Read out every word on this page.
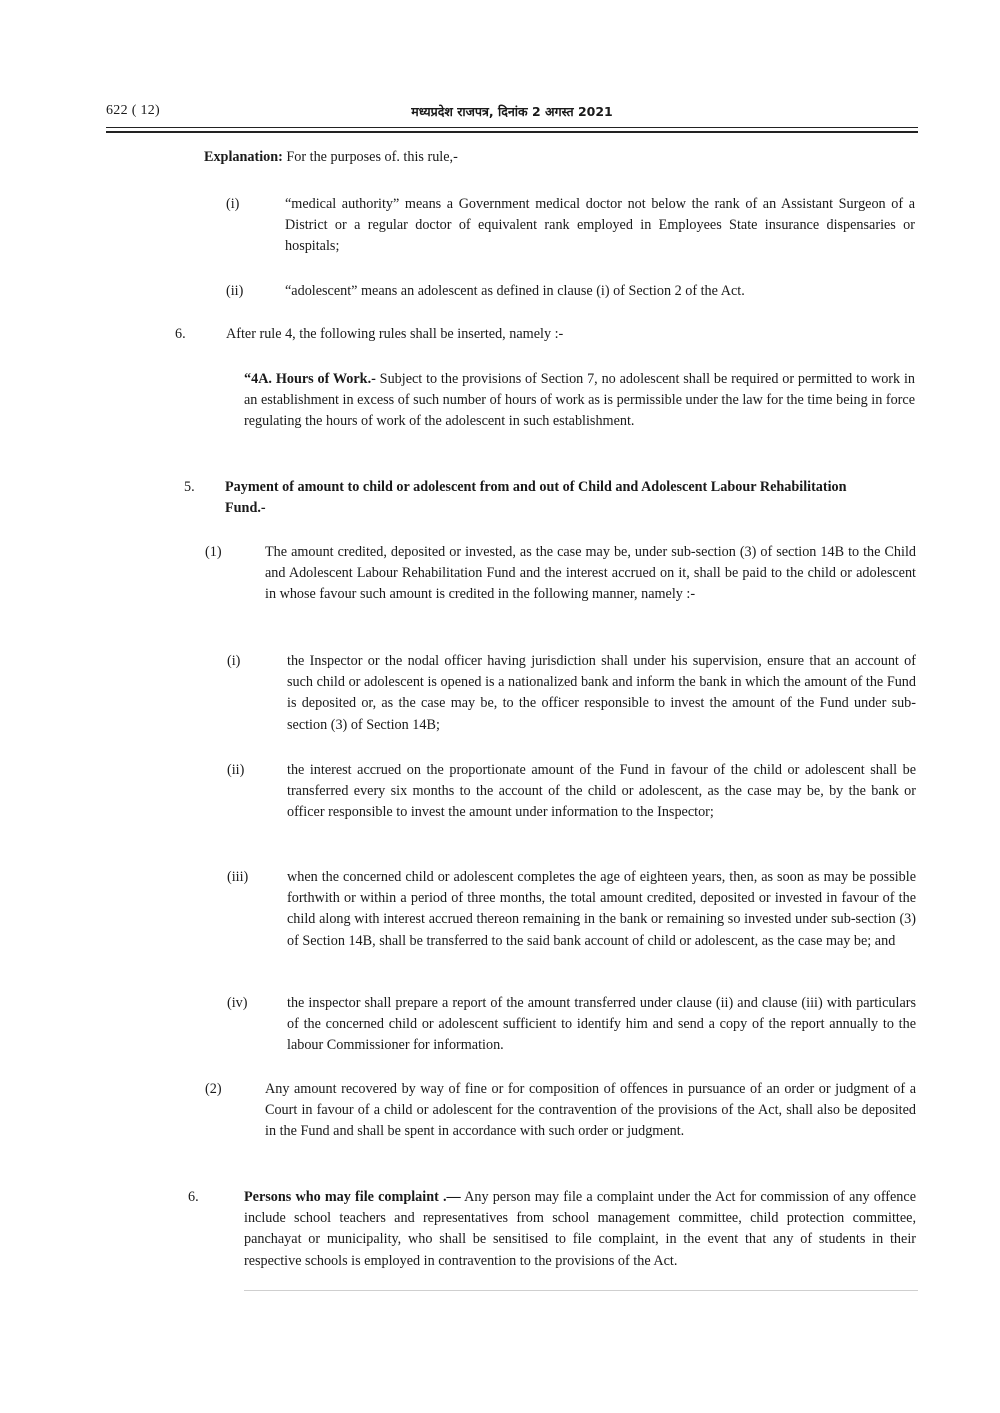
622 ( 12)	मध्यप्रदेश राजपत्र, दिनांक 2 अगस्त 2021
Explanation: For the purposes of. this rule,-
(i)	“medical authority” means a Government medical doctor not below the rank of an Assistant Surgeon of a District or a regular doctor of equivalent rank employed in Employees State insurance dispensaries or hospitals;
(ii)	“adolescent” means an adolescent as defined in clause (i) of Section 2 of the Act.
6.	After rule 4, the following rules shall be inserted, namely :-
“4A. Hours of Work.- Subject to the provisions of Section 7, no adolescent shall be required or permitted to work in an establishment in excess of such number of hours of work as is permissible under the law for the time being in force regulating the hours of work of the adolescent in such establishment.
5. Payment of amount to child or adolescent from and out of Child and Adolescent Labour Rehabilitation Fund.-
(1)	The amount credited, deposited or invested, as the case may be, under sub-section (3) of section 14B to the Child and Adolescent Labour Rehabilitation Fund and the interest accrued on it, shall be paid to the child or adolescent in whose favour such amount is credited in the following manner, namely :-
(i)	the Inspector or the nodal officer having jurisdiction shall under his supervision, ensure that an account of such child or adolescent is opened is a nationalized bank and inform the bank in which the amount of the Fund is deposited or, as the case may be, to the officer responsible to invest the amount of the Fund under sub-section (3) of Section 14B;
(ii)	the interest accrued on the proportionate amount of the Fund in favour of the child or adolescent shall be transferred every six months to the account of the child or adolescent, as the case may be, by the bank or officer responsible to invest the amount under information to the Inspector;
(iii)	when the concerned child or adolescent completes the age of eighteen years, then, as soon as may be possible forthwith or within a period of three months, the total amount credited, deposited or invested in favour of the child along with interest accrued thereon remaining in the bank or remaining so invested under sub-section (3) of Section 14B, shall be transferred to the said bank account of child or adolescent, as the case may be; and
(iv)	the inspector shall prepare a report of the amount transferred under clause (ii) and clause (iii) with particulars of the concerned child or adolescent sufficient to identify him and send a copy of the report annually to the labour Commissioner for information.
(2)	Any amount recovered by way of fine or for composition of offences in pursuance of an order or judgment of a Court in favour of a child or adolescent for the contravention of the provisions of the Act, shall also be deposited in the Fund and shall be spent in accordance with such order or judgment.
6.	Persons who may file complaint .— Any person may file a complaint under the Act for commission of any offence include school teachers and representatives from school management committee, child protection committee, panchayat or municipality, who shall be sensitised to file complaint, in the event that any of students in their respective schools is employed in contravention to the provisions of the Act.
